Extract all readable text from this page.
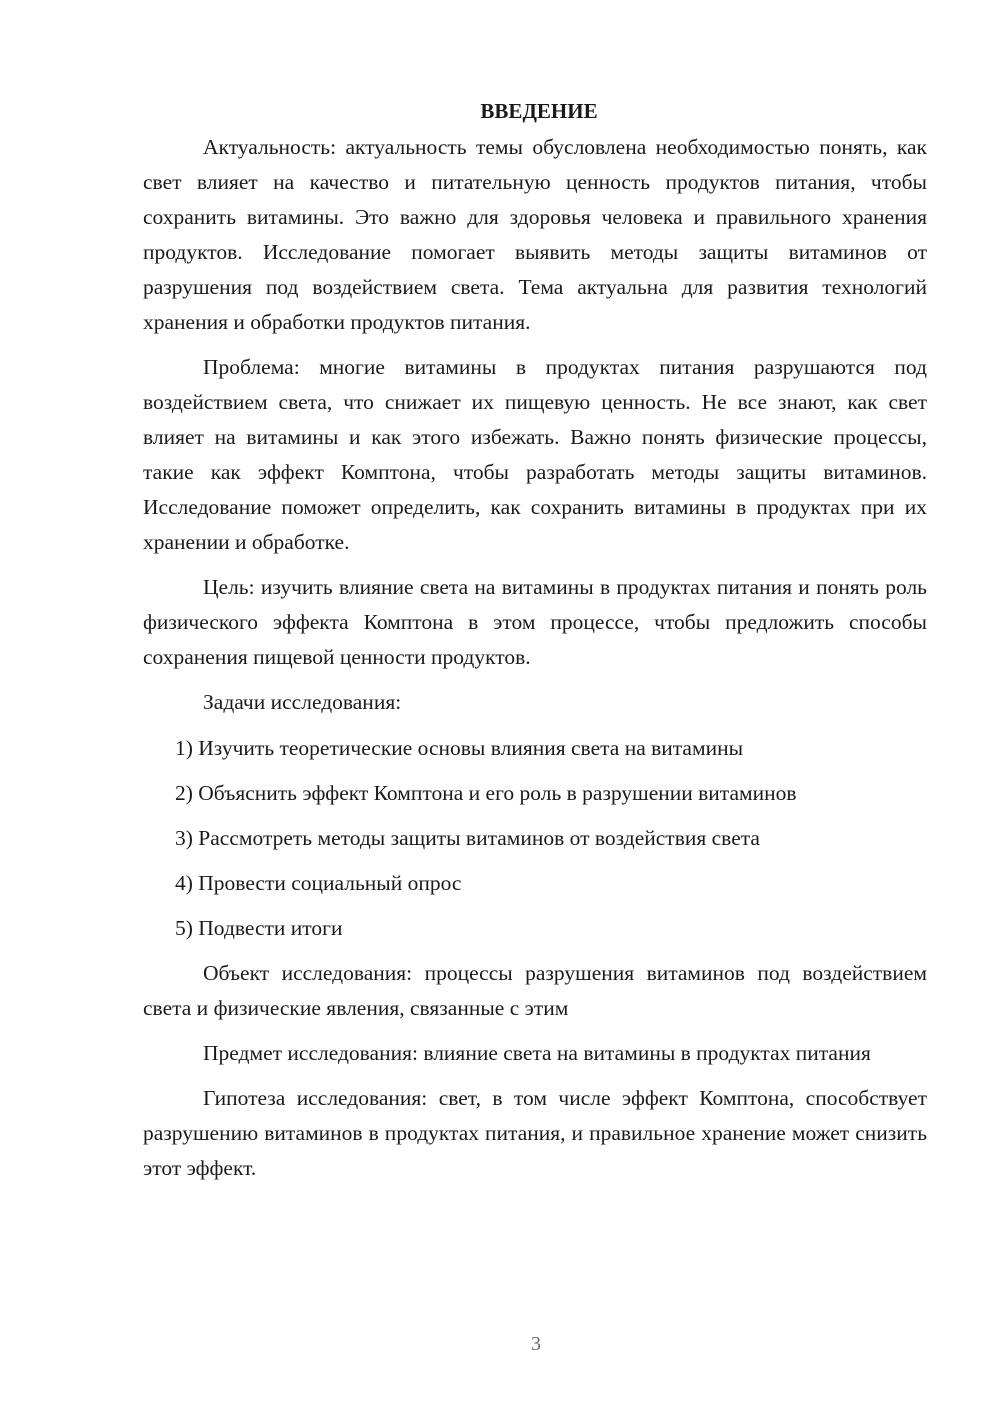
ВВЕДЕНИЕ

Актуальность: актуальность темы обусловлена необходимостью понять, как свет влияет на качество и питательную ценность продуктов питания, чтобы сохранить витамины. Это важно для здоровья человека и правильного хранения продуктов. Исследование помогает выявить методы защиты витаминов от разрушения под воздействием света. Тема актуальна для развития технологий хранения и обработки продуктов питания.

Проблема: многие витамины в продуктах питания разрушаются под воздействием света, что снижает их пищевую ценность. Не все знают, как свет влияет на витамины и как этого избежать. Важно понять физические процессы, такие как эффект Комптона, чтобы разработать методы защиты витаминов. Исследование поможет определить, как сохранить витамины в продуктах при их хранении и обработке.

Цель: изучить влияние света на витамины в продуктах питания и понять роль физического эффекта Комптона в этом процессе, чтобы предложить способы сохранения пищевой ценности продуктов.

Задачи исследования:

1) Изучить теоретические основы влияния света на витамины
2) Объяснить эффект Комптона и его роль в разрушении витаминов
3) Рассмотреть методы защиты витаминов от воздействия света
4) Провести социальный опрос
5) Подвести итоги

Объект исследования: процессы разрушения витаминов под воздействием света и физические явления, связанные с этим

Предмет исследования: влияние света на витамины в продуктах питания

Гипотеза исследования: свет, в том числе эффект Комптона, способствует разрушению витаминов в продуктах питания, и правильное хранение может снизить этот эффект.

3
